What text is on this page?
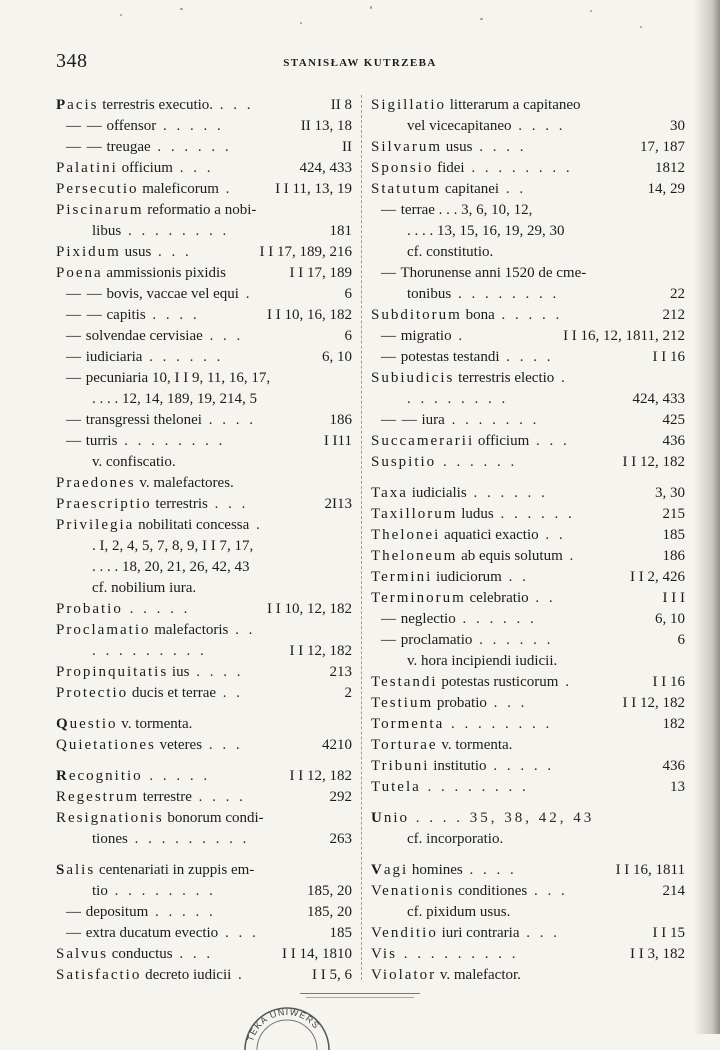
348	STANISŁAW KUTRZEBA
Pacis terrestris executio. . . .	II 8
— — offensor . . . . .	II 13, 18
— — treugae . . . . . .	II
Palatini officium . . .	424, 433
Persecutio maleficorum .	I I 11, 13, 19
Piscinarum reformatio a nobi-
libus . . . . . . . .	181
Pixidum usus . . .	I I 17, 189, 216
Poena ammissionis pixidis	I I 17, 189
— — bovis, vaccae vel equi .	6
— — capitis . . . .	I I 10, 16, 182
— solvendae cervisiae . . .	6
— iudiciaria . . . . . .	6, 10
— pecuniaria 10, I I 9, 11, 16, 17,
. . . . 12, 14, 189, 19, 214, 5
— transgressi thelonei . . . .	186
— turris . . . . . . . .	I I11
v. confiscatio.
Praedones v. malefactores.
Praescriptio terrestris . . .	2I13
Privilegia nobilitati concessa .
. I, 2, 4, 5, 7, 8, 9, I I 7, 17,
. . . . 18, 20, 21, 26, 42, 43
cf. nobilium iura.
Probatio . . . . .	I I 10, 12, 182
Proclamatio malefactoris . .
. . . . . . . . .	I I 12, 182
Propinquitatis ius . . . .	213
Protectio ducis et terrae . .	2
Questio v. tormenta.
Quietationes veteres . . .	4210
Recognitio . . . . .	I I 12, 182
Regestrum terrestre . . . .	292
Resignationis bonorum condi-
tiones . . . . . . . . .	263
Salis centenariati in zuppis em-
tio . . . . . . . .	185, 20
— depositum . . . . .	185, 20
— extra ducatum evectio . . .	185
Salvus conductus . . .	I I 14, 1810
Satisfactio decreto iudicii .	I I 5, 6
Sigillatio litterarum a capitaneo
vel vicecapitaneo . . . .	30
Silvarum usus . . . .	17, 187
Sponsio fidei . . . . . . . .	1812
Statutum capitanei . .	14, 29
— terrae . . . 3, 6, 10, 12,
. . . . 13, 15, 16, 19, 29, 30
cf. constitutio.
— Thorunense anni 1520 de cme-
tonibus . . . . . . . .	22
Subditorum bona . . . . .	212
— migratio .	I I 16, 12, 1811, 212
— potestas testandi . . . .	I I 16
Subiudicis terrestris electio .
. . . . . . . .	424, 433
— — iura . . . . . . .	425
Succamerarii officium . . .	436
Suspitio . . . . . .	I I 12, 182
Taxa iudicialis . . . . . .	3, 30
Taxillorum ludus . . . . . .	215
Thelonei aquatici exactio . .	185
Theloneum ab equis solutum .	186
Termini iudiciorum . .	I I 2, 426
Terminorum celebratio . .	I I I
— neglectio . . . . . .	6, 10
— proclamatio . . . . . .	6
v. hora incipiendi iudicii.
Testandi potestas rusticorum .	I I 16
Testium probatio . . .	I I 12, 182
Tormenta . . . . . . . .	182
Torturae v. tormenta.
Tribuni institutio . . . . .	436
Tutela . . . . . . . .	13
Unio . . . . 35, 38, 42, 43
cf. incorporatio.
Vagi homines . . . .	I I 16, 1811
Venationis conditiones . . .	214
cf. pixidum usus.
Venditio iuri contraria . . .	I I 15
Vis . . . . . . . . .	I I 3, 182
Violator v. malefactor.
TEKA UNIWERS
